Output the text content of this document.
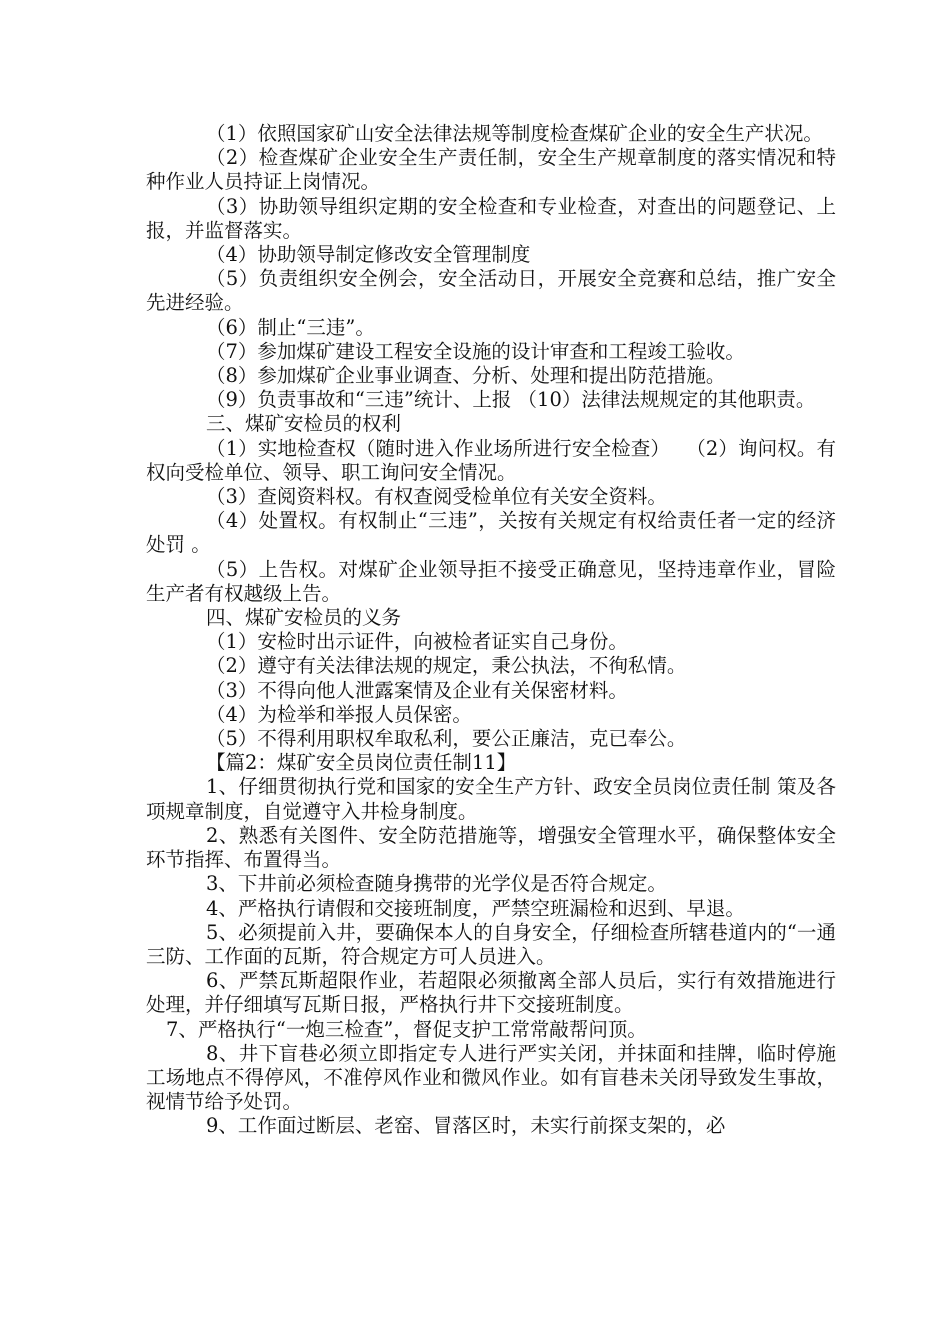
（1）依照国家矿山安全法律法规等制度检查煤矿企业的安全生产状况。

（2）检查煤矿企业安全生产责任制，安全生产规章制度的落实情况和特种作业人员持证上岗情况。

（3）协助领导组织定期的安全检查和专业检查，对查出的问题登记、上报，并监督落实。

（4）协助领导制定修改安全管理制度

（5）负责组织安全例会，安全活动日，开展安全竞赛和总结，推广安全先进经验。

（6）制止“三违”。

（7）参加煤矿建设工程安全设施的设计审查和工程竣工验收。

（8）参加煤矿企业事业调查、分析、处理和提出防范措施。

（9）负责事故和“三违”统计、上报 （10）法律法规规定的其他职责。

三、煤矿安检员的权利

（1）实地检查权（随时进入作业场所进行安全检查）　 （2）询问权。有权向受检单位、领导、职工询问安全情况。

（3）查阅资料权。有权查阅受检单位有关安全资料。

（4）处置权。有权制止“三违”，关按有关规定有权给责任者一定的经济处罚 。

（5）上告权。对煤矿企业领导拒不接受正确意见，坚持违章作业，冒险生产者有权越级上告。

四、煤矿安检员的义务

（1）安检时出示证件，向被检者证实自己身份。

（2）遵守有关法律法规的规定，秉公执法，不徇私情。

（3）不得向他人泄露案情及企业有关保密材料。

（4）为检举和举报人员保密。

（5）不得利用职权牟取私利，要公正廉洁，克已奉公。

【篇2：煤矿安全员岗位责任制11】

1、仔细贯彻执行党和国家的安全生产方针、政安全员岗位责任制 策及各项规章制度，自觉遵守入井检身制度。

2、熟悉有关图件、安全防范措施等，增强安全管理水平，确保整体安全环节指挥、布置得当。

3、下井前必须检查随身携带的光学仪是否符合规定。

4、严格执行请假和交接班制度，严禁空班漏检和迟到、早退。

5、必须提前入井，要确保本人的自身安全，仔细检查所辖巷道内的“一通三防、工作面的瓦斯，符合规定方可人员进入。

6、严禁瓦斯超限作业，若超限必须撤离全部人员后，实行有效措施进行处理，并仔细填写瓦斯日报，严格执行井下交接班制度。

7、严格执行“一炮三检查”，督促支护工常常敲帮问顶。

8、井下盲巷必须立即指定专人进行严实关闭，并抹面和挂牌，临时停施工场地点不得停风，不准停风作业和微风作业。如有盲巷未关闭导致发生事故，视情节给予处罚。

9、工作面过断层、老窑、冒落区时，未实行前探支架的，必
